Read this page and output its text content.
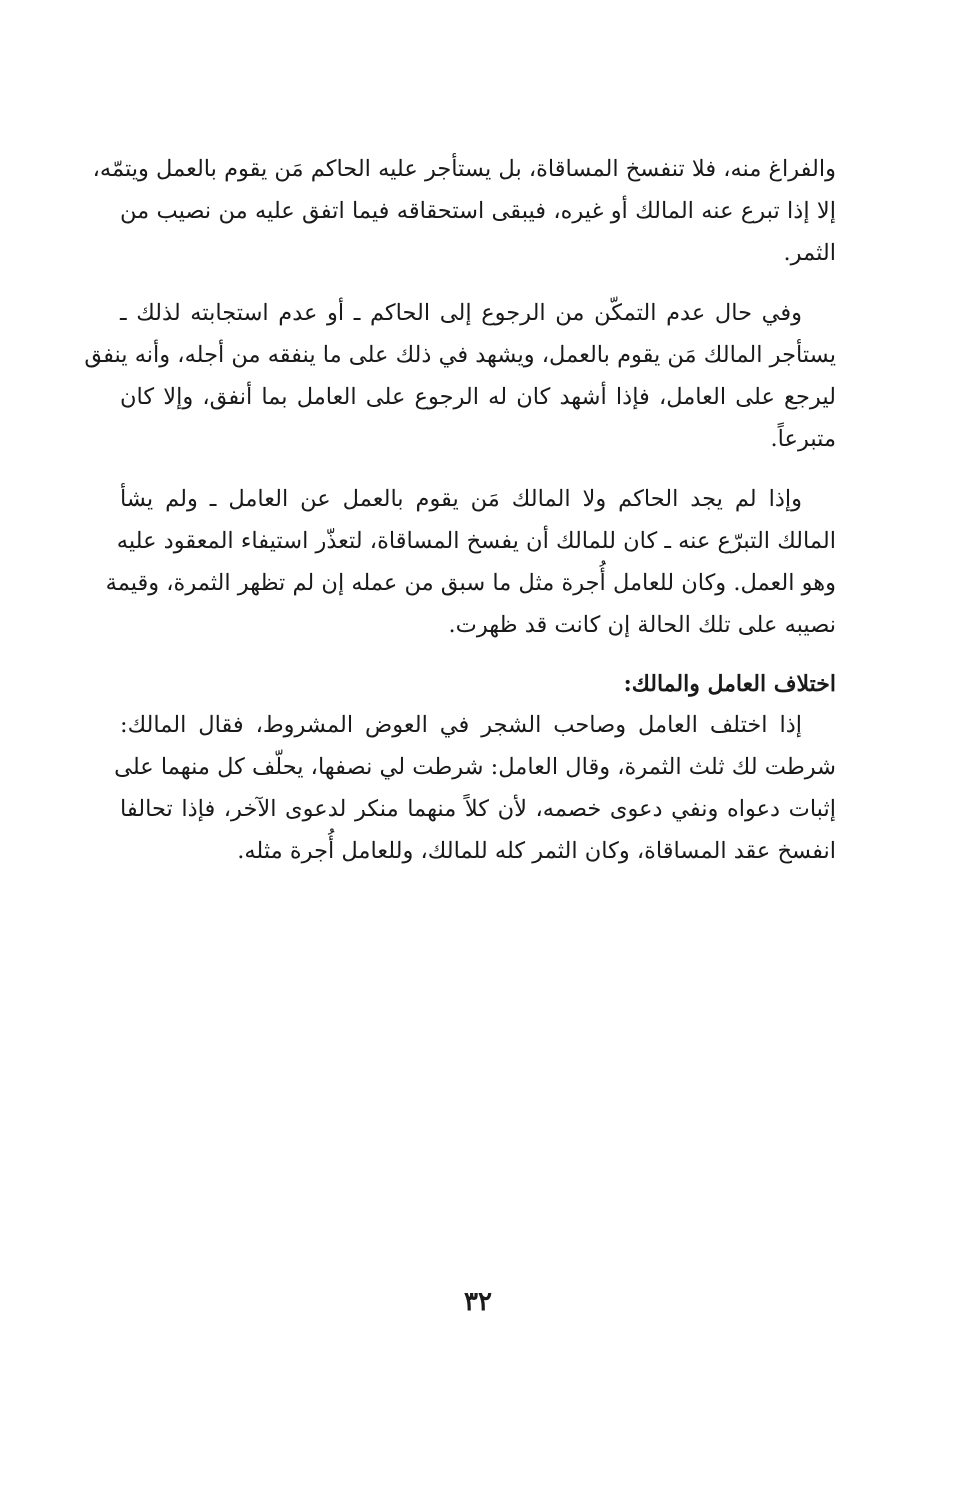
والفراغ منه، فلا تنفسخ المساقاة، بل يستأجر عليه الحاكم مَن يقوم بالعمل ويتمّه،
إلا إذا تبرع عنه المالك أو غيره، فيبقى استحقاقه فيما اتفق عليه من نصيب من
الثمر.

وفي حال عدم التمكّن من الرجوع إلى الحاكم ـ أو عدم استجابته لذلك ـ
يستأجر المالك مَن يقوم بالعمل، ويشهد في ذلك على ما ينفقه من أجله، وأنه ينفق
ليرجع على العامل، فإذا أشهد كان له الرجوع على العامل بما أنفق، وإلا كان
متبرعاً.

وإذا لم يجد الحاكم ولا المالك مَن يقوم بالعمل عن العامل ـ ولم يشأ
المالك التبرّع عنه ـ كان للمالك أن يفسخ المساقاة، لتعذّر استيفاء المعقود عليه
وهو العمل. وكان للعامل أُجرة مثل ما سبق من عمله إن لم تظهر الثمرة، وقيمة
نصيبه على تلك الحالة إن كانت قد ظهرت.

اختلاف العامل والمالك:

إذا اختلف العامل وصاحب الشجر في العوض المشروط، فقال المالك:
شرطت لك ثلث الثمرة، وقال العامل: شرطت لي نصفها، يحلّف كل منهما على
إثبات دعواه ونفي دعوى خصمه، لأن كلاً منهما منكر لدعوى الآخر، فإذا تحالفا
انفسخ عقد المساقاة، وكان الثمر كله للمالك، وللعامل أُجرة مثله.

٣٢
